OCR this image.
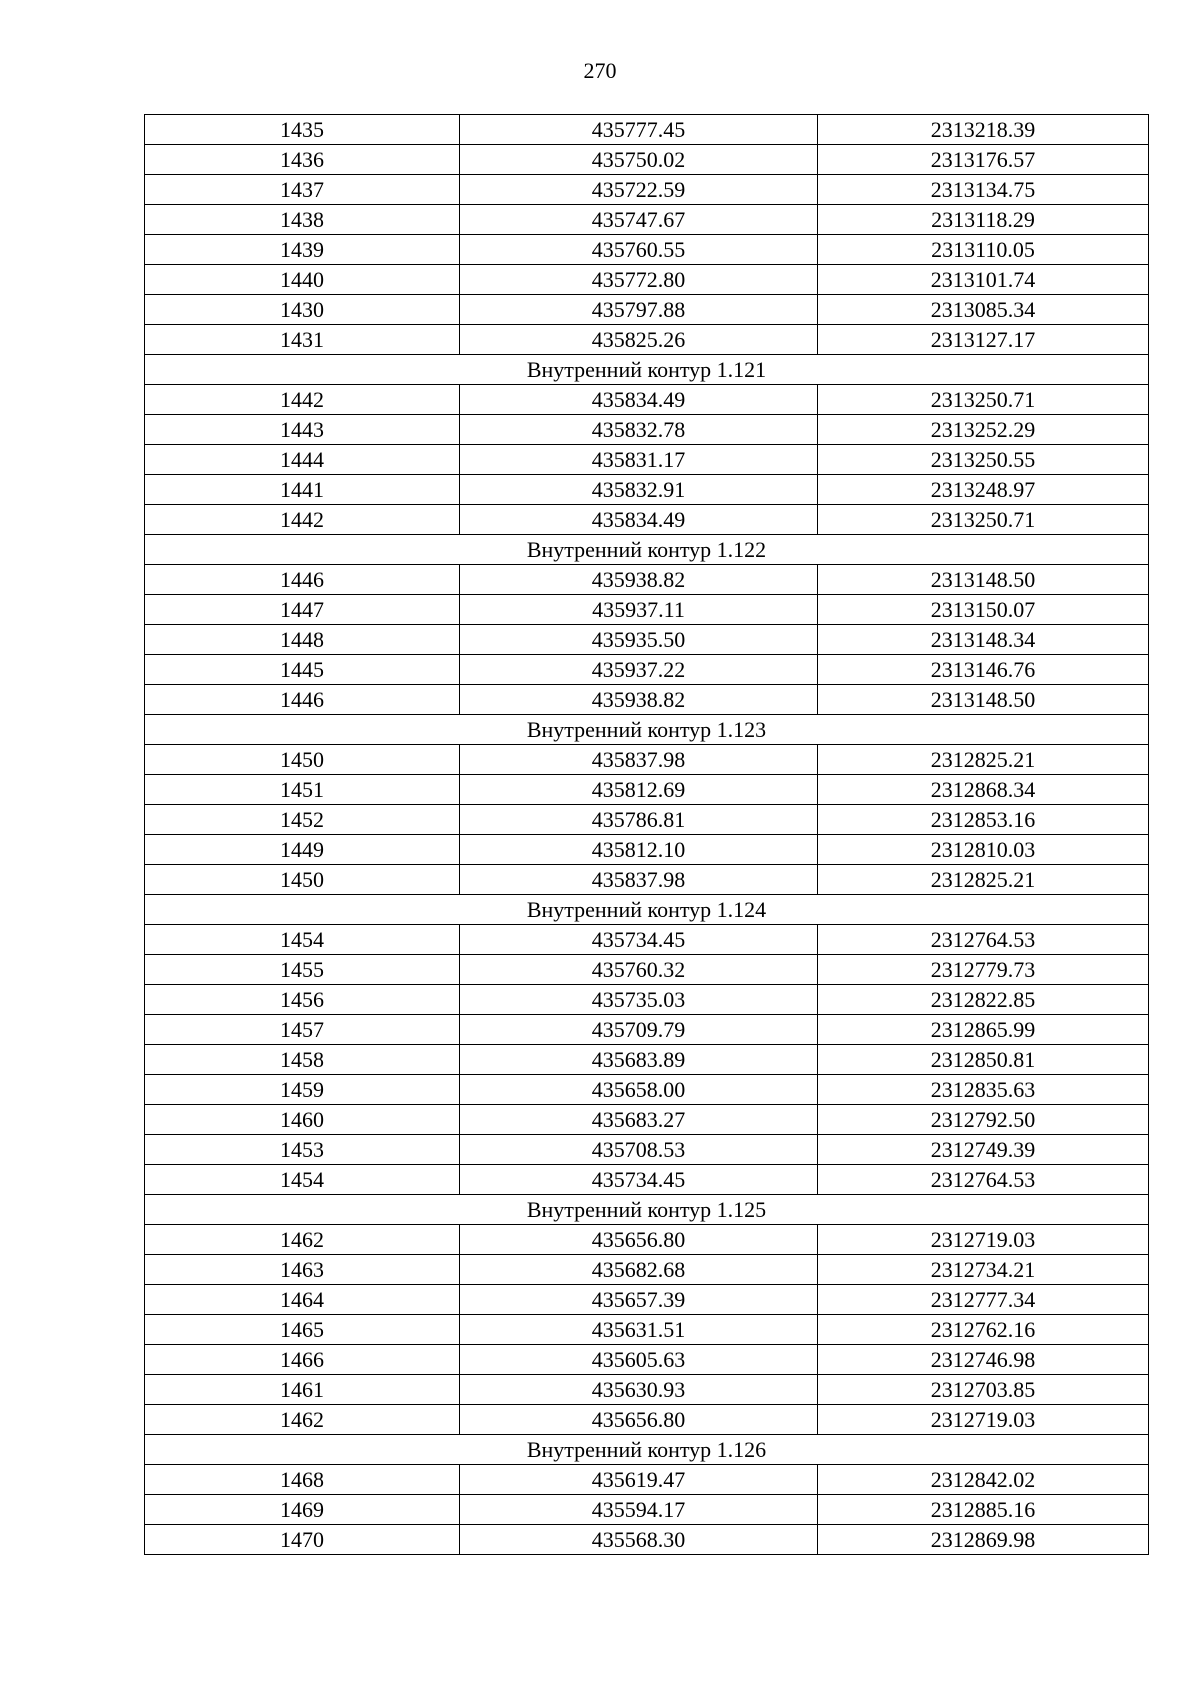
270
1435	435777.45	2313218.39
1436	435750.02	2313176.57
1437	435722.59	2313134.75
1438	435747.67	2313118.29
1439	435760.55	2313110.05
1440	435772.80	2313101.74
1430	435797.88	2313085.34
1431	435825.26	2313127.17
Внутренний контур 1.121		
1442	435834.49	2313250.71
1443	435832.78	2313252.29
1444	435831.17	2313250.55
1441	435832.91	2313248.97
1442	435834.49	2313250.71
Внутренний контур 1.122		
1446	435938.82	2313148.50
1447	435937.11	2313150.07
1448	435935.50	2313148.34
1445	435937.22	2313146.76
1446	435938.82	2313148.50
Внутренний контур 1.123		
1450	435837.98	2312825.21
1451	435812.69	2312868.34
1452	435786.81	2312853.16
1449	435812.10	2312810.03
1450	435837.98	2312825.21
Внутренний контур 1.124		
1454	435734.45	2312764.53
1455	435760.32	2312779.73
1456	435735.03	2312822.85
1457	435709.79	2312865.99
1458	435683.89	2312850.81
1459	435658.00	2312835.63
1460	435683.27	2312792.50
1453	435708.53	2312749.39
1454	435734.45	2312764.53
Внутренний контур 1.125		
1462	435656.80	2312719.03
1463	435682.68	2312734.21
1464	435657.39	2312777.34
1465	435631.51	2312762.16
1466	435605.63	2312746.98
1461	435630.93	2312703.85
1462	435656.80	2312719.03
Внутренний контур 1.126		
1468	435619.47	2312842.02
1469	435594.17	2312885.16
1470	435568.30	2312869.98
